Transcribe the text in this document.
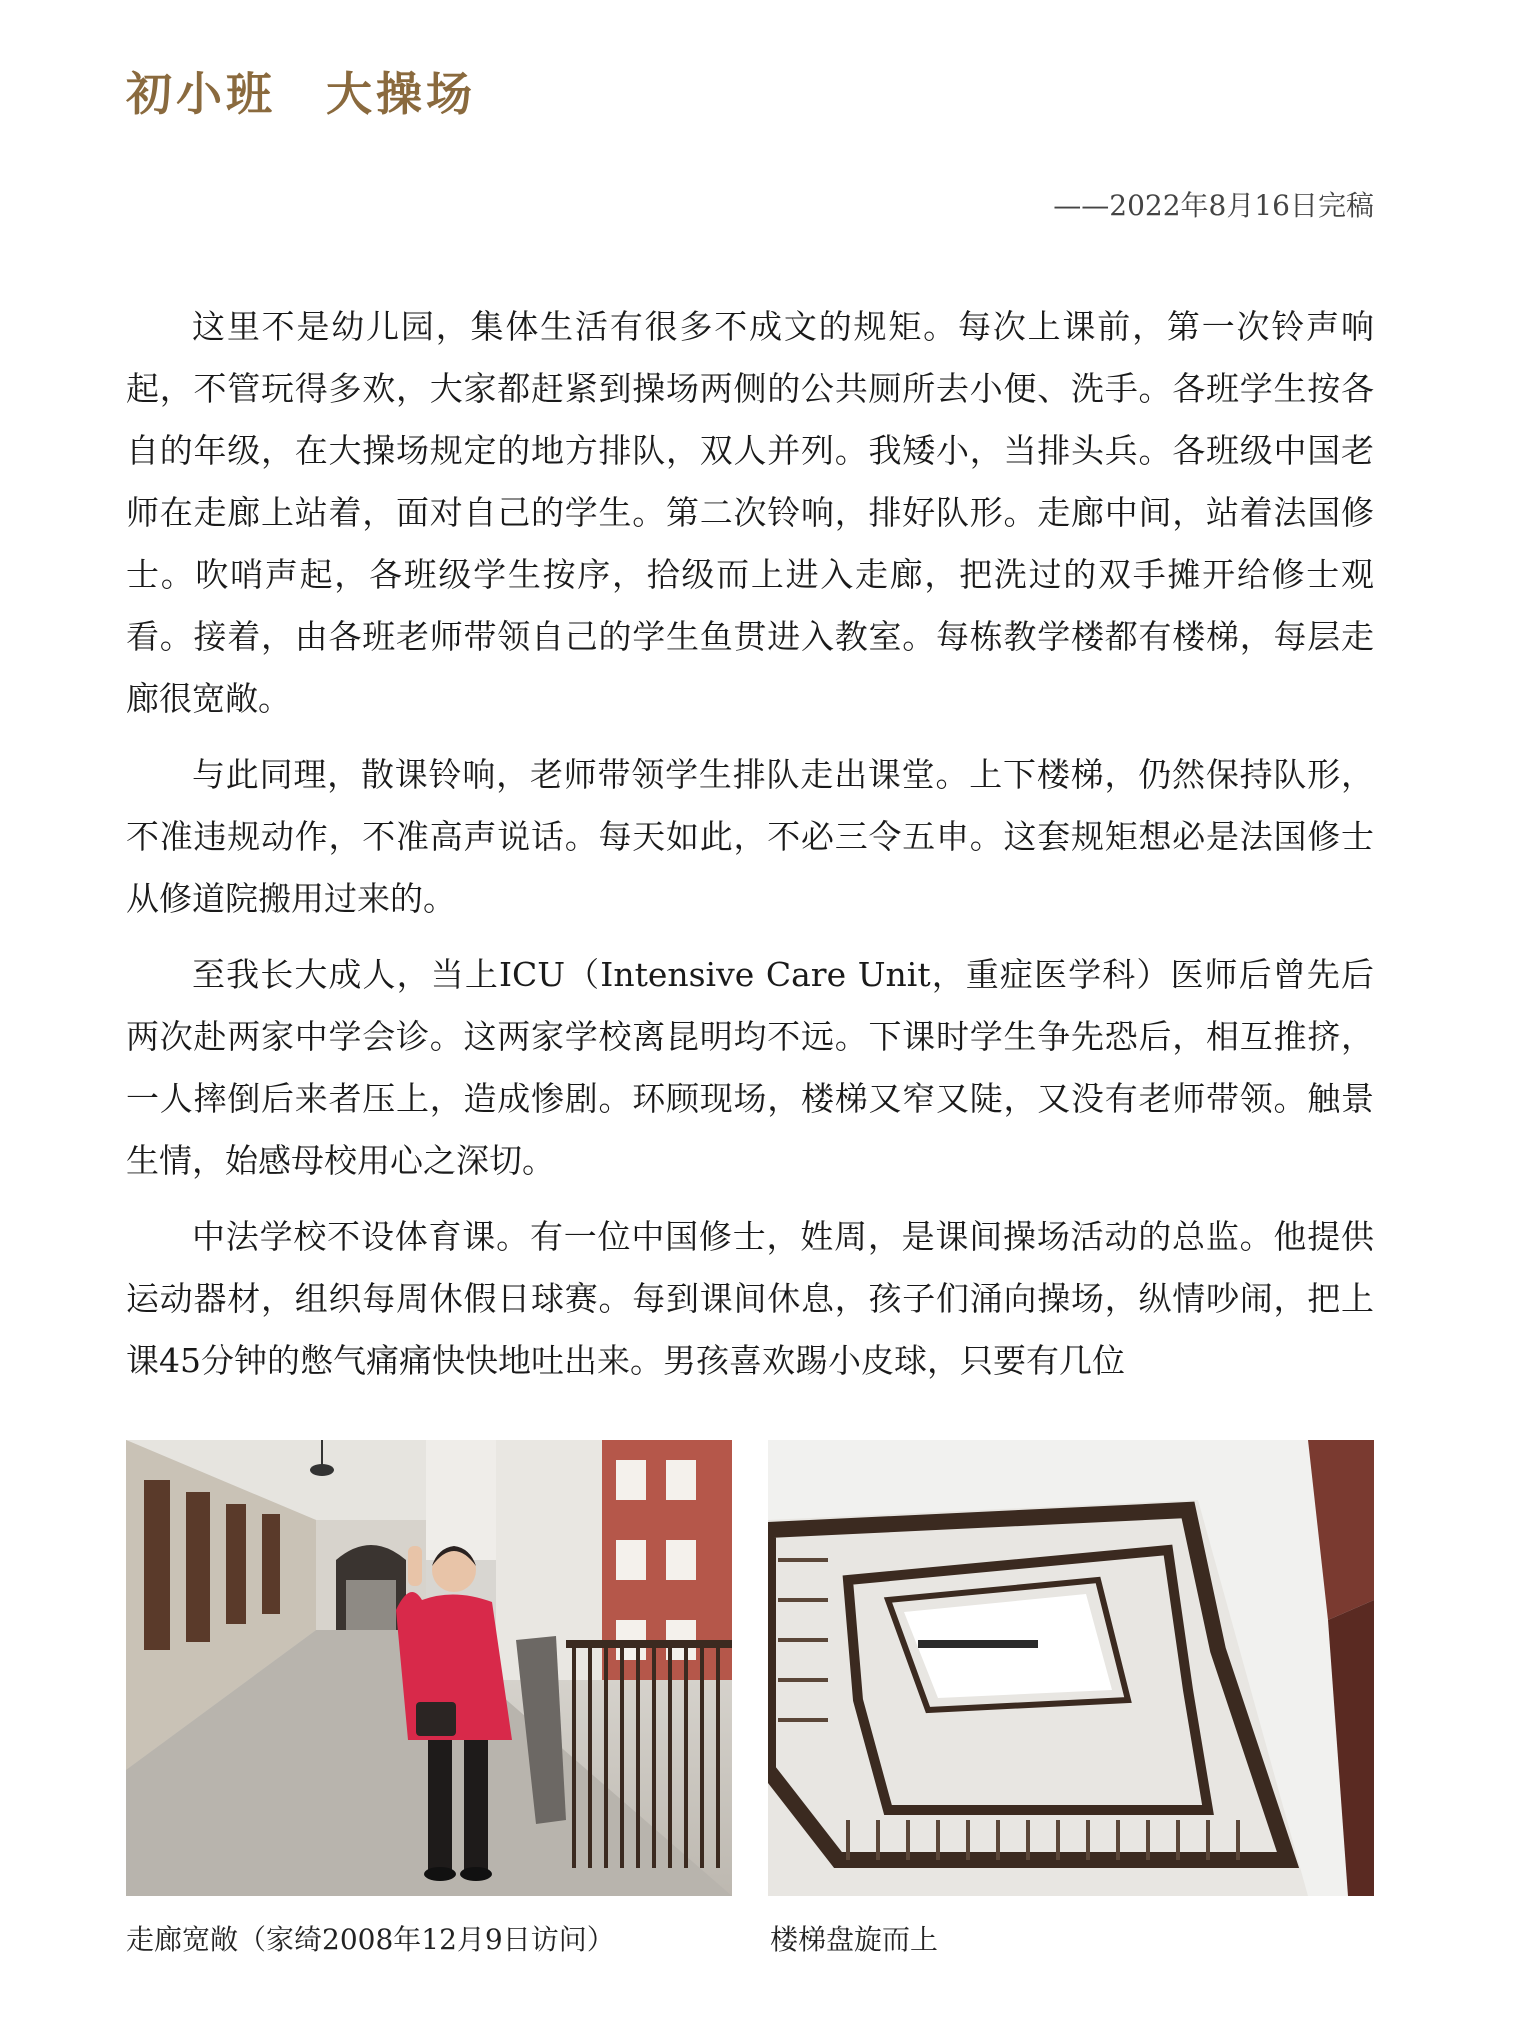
初小班　大操场
——2022年8月16日完稿

这里不是幼儿园，集体生活有很多不成文的规矩。每次上课前，第一次铃声响起，不管玩得多欢，大家都赶紧到操场两侧的公共厕所去小便、洗手。各班学生按各自的年级，在大操场规定的地方排队，双人并列。我矮小，当排头兵。各班级中国老师在走廊上站着，面对自己的学生。第二次铃响，排好队形。走廊中间，站着法国修士。吹哨声起，各班级学生按序，拾级而上进入走廊，把洗过的双手摊开给修士观看。接着，由各班老师带领自己的学生鱼贯进入教室。每栋教学楼都有楼梯，每层走廊很宽敞。

与此同理，散课铃响，老师带领学生排队走出课堂。上下楼梯，仍然保持队形，不准违规动作，不准高声说话。每天如此，不必三令五申。这套规矩想必是法国修士从修道院搬用过来的。

至我长大成人，当上ICU（Intensive Care Unit，重症医学科）医师后曾先后两次赴两家中学会诊。这两家学校离昆明均不远。下课时学生争先恐后，相互推挤，一人摔倒后来者压上，造成惨剧。环顾现场，楼梯又窄又陡，又没有老师带领。触景生情，始感母校用心之深切。

中法学校不设体育课。有一位中国修士，姓周，是课间操场活动的总监。他提供运动器材，组织每周休假日球赛。每到课间休息，孩子们涌向操场，纵情吵闹，把上课45分钟的憋气痛痛快快地吐出来。男孩喜欢踢小皮球，只要有几位

走廊宽敞（家绮2008年12月9日访问）	楼梯盘旋而上
